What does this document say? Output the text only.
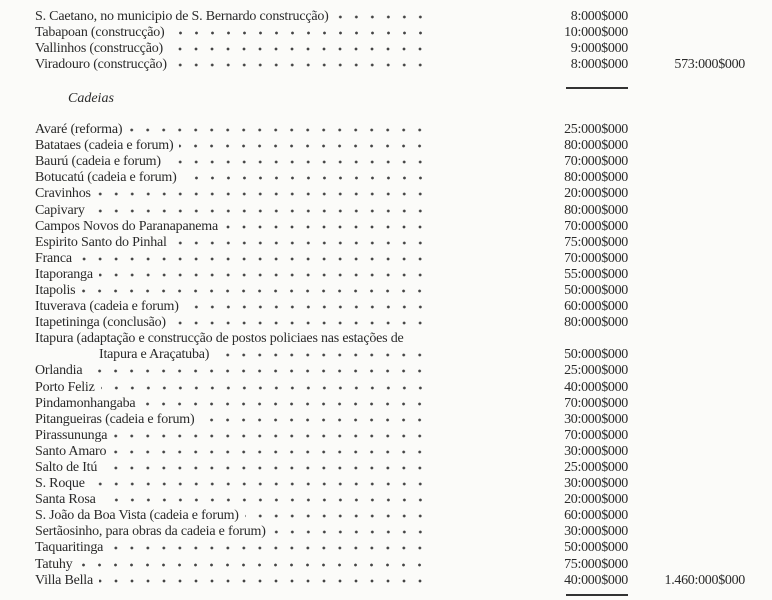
S. Caetano, no municipio de S. Bernardo construcção)	8:000$000
Tabapoan (construcção)	10:000$000
Vallinhos (construcção)	9:000$000
Viradouro (construcção)	8:000$000	573:000$000
Cadeias
Avaré (reforma)	25:000$000
Batataes (cadeia e forum)	80:000$000
Baurú (cadeia e forum)	70:000$000
Botucatú (cadeia e forum)	80:000$000
Cravinhos	20:000$000
Capivary	80:000$000
Campos Novos do Paranapanema	70:000$000
Espirito Santo do Pinhal	75:000$000
Franca	70:000$000
Itaporanga	55:000$000
Itapolis	50:000$000
Ituverava (cadeia e forum)	60:000$000
Itapetininga (conclusão)	80:000$000
Itapura (adaptação e construcção de postos policiaes nas estações de
Itapura e Araçatuba)	50:000$000
Orlandia	25:000$000
Porto Feliz	40:000$000
Pindamonhangaba	70:000$000
Pitangueiras (cadeia e forum)	30:000$000
Pirassununga	70:000$000
Santo Amaro	30:000$000
Salto de Itú	25:000$000
S. Roque	30:000$000
Santa Rosa	20:000$000
S. João da Boa Vista (cadeia e forum)	60:000$000
Sertãosinho, para obras da cadeia e forum)	30:000$000
Taquaritinga	50:000$000
Tatuhy	75:000$000
Villa Bella	40:000$000	1.460:000$000
